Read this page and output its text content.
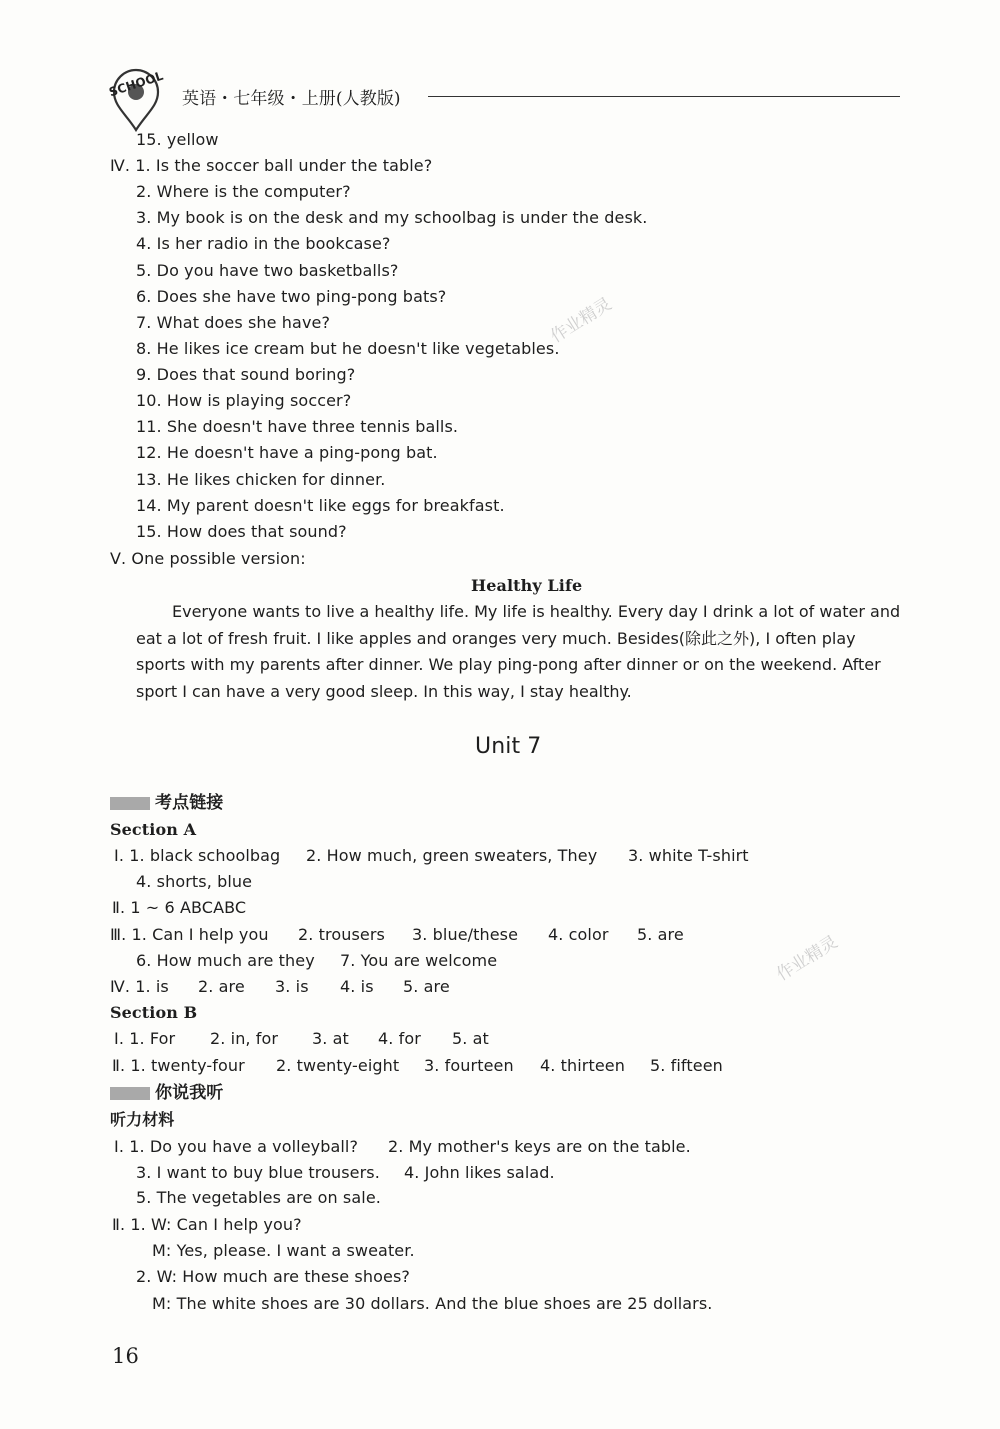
SCHOOL 英语・七年级・上册(人教版)
15. yellow
Ⅳ. 1. Is the soccer ball under the table?
2. Where is the computer?
3. My book is on the desk and my schoolbag is under the desk.
4. Is her radio in the bookcase?
5. Do you have two basketballs?
6. Does she have two ping-pong bats?
7. What does she have?
8. He likes ice cream but he doesn't like vegetables.
9. Does that sound boring?
10. How is playing soccer?
11. She doesn't have three tennis balls.
12. He doesn't have a ping-pong bat.
13. He likes chicken for dinner.
14. My parent doesn't like eggs for breakfast.
15. How does that sound?
Ⅴ. One possible version:
作业精灵
Healthy Life
Everyone wants to live a healthy life. My life is healthy. Every day I drink a lot of water and eat a lot of fresh fruit. I like apples and oranges very much. Besides(除此之外), I often play sports with my parents after dinner. We play ping-pong after dinner or on the weekend. After sport I can have a very good sleep. In this way, I stay healthy.
Unit 7
考点链接
Section A
Ⅰ. 1. black schoolbag 2. How much, green sweaters, They 3. white T-shirt
4. shorts, blue
Ⅱ. 1 ~ 6 ABCABC
Ⅲ. 1. Can I help you 2. trousers 3. blue/these 4. color 5. are
6. How much are they 7. You are welcome
Ⅳ. 1. is 2. are 3. is 4. is 5. are
作业精灵
Section B
Ⅰ. 1. For 2. in, for 3. at 4. for 5. at
Ⅱ. 1. twenty-four 2. twenty-eight 3. fourteen 4. thirteen 5. fifteen
你说我听
听力材料
Ⅰ. 1. Do you have a volleyball? 2. My mother's keys are on the table.
3. I want to buy blue trousers. 4. John likes salad.
5. The vegetables are on sale.
Ⅱ. 1. W: Can I help you?
M: Yes, please. I want a sweater.
2. W: How much are these shoes?
M: The white shoes are 30 dollars. And the blue shoes are 25 dollars.
16
